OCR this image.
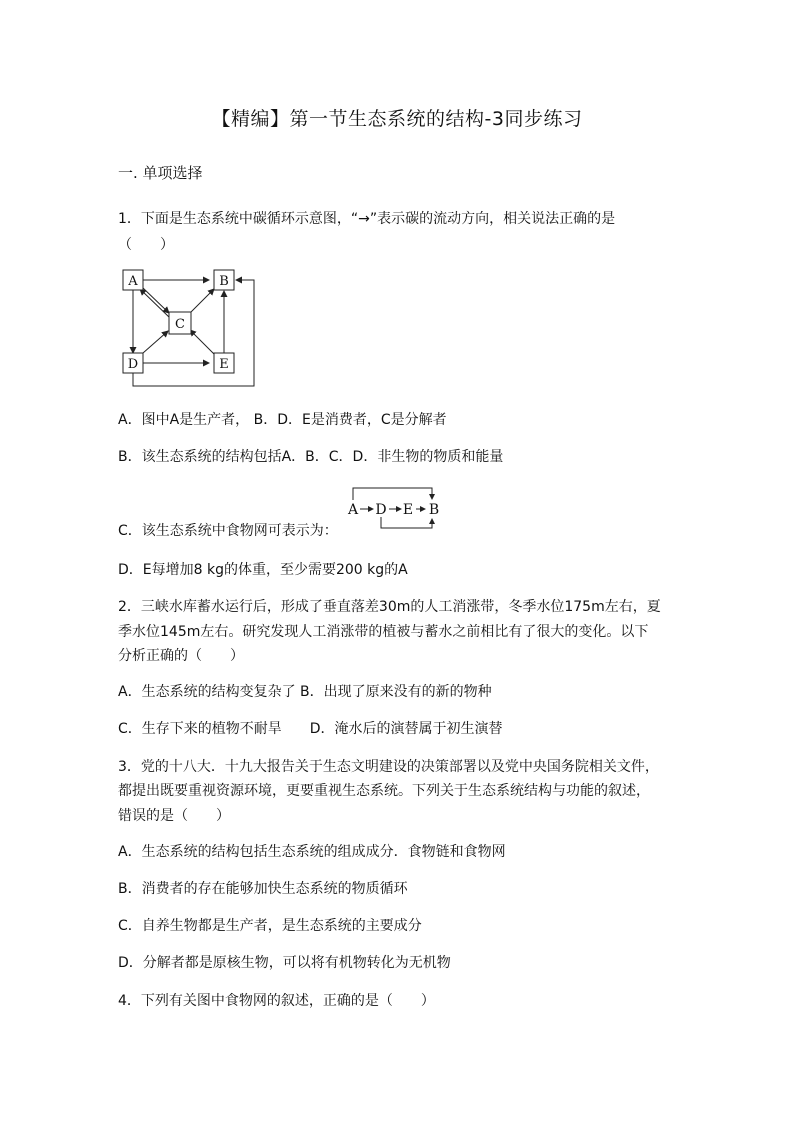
【精编】第一节生态系统的结构-3同步练习
一. 单项选择
1．下面是生态系统中碳循环示意图，“→”表示碳的流动方向，相关说法正确的是
（　　）
A	B
C
D	E
A．图中A是生产者， B．D．E是消费者，C是分解者
B．该生态系统的结构包括A．B．C．D．非生物的物质和能量
C．该生态系统中食物网可表示为：
A D E B
D．E每增加8 kg的体重，至少需要200 kg的A
2．三峡水库蓄水运行后，形成了垂直落差30m的人工消涨带，冬季水位175m左右，夏
季水位145m左右。研究发现人工消涨带的植被与蓄水之前相比有了很大的变化。以下
分析正确的（　　）
A．生态系统的结构变复杂了 B．出现了原来没有的新的物种
C．生存下来的植物不耐旱　　D．淹水后的演替属于初生演替
3．党的十八大．十九大报告关于生态文明建设的决策部署以及党中央国务院相关文件，
都提出既要重视资源环境，更要重视生态系统。下列关于生态系统结构与功能的叙述，
错误的是（　　）
A．生态系统的结构包括生态系统的组成成分．食物链和食物网
B．消费者的存在能够加快生态系统的物质循环
C．自养生物都是生产者，是生态系统的主要成分
D．分解者都是原核生物，可以将有机物转化为无机物
4．下列有关图中食物网的叙述，正确的是（　　）
